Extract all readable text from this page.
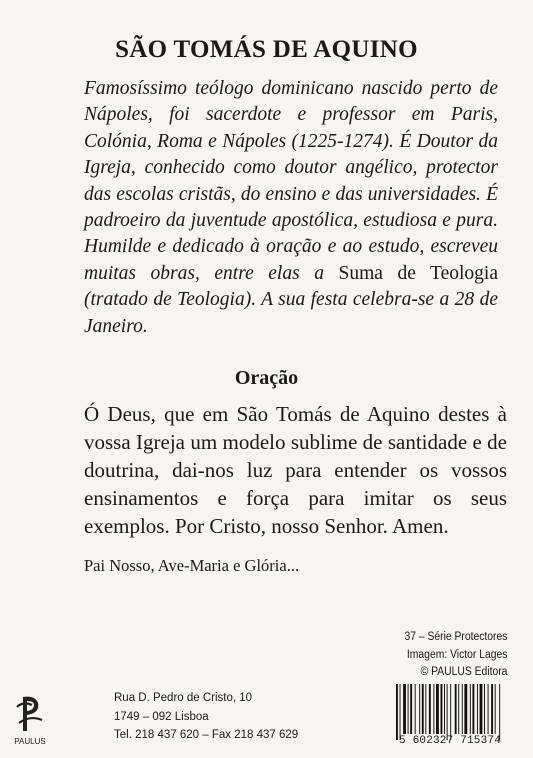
SÃO TOMÁS DE AQUINO
Famosíssimo teólogo dominicano nascido perto de Nápoles, foi sacerdote e professor em Paris, Colónia, Roma e Nápoles (1225-1274). É Doutor da Igreja, conhecido como doutor angélico, protector das escolas cristãs, do ensino e das universidades. É padroeiro da juventude apostólica, estudiosa e pura. Humilde e dedicado à oração e ao estudo, escreveu muitas obras, entre elas a Suma de Teologia (tratado de Teologia). A sua festa celebra-se a 28 de Janeiro.
Oração
Ó Deus, que em São Tomás de Aquino destes à vossa Igreja um modelo sublime de santidade e de doutrina, dai-nos luz para entender os vossos ensinamentos e força para imitar os seus exemplos. Por Cristo, nosso Senhor. Amen.
Pai Nosso, Ave-Maria e Glória...
37 – Série Protectores
Imagem: Victor Lages
© PAULUS Editora
PAULUS
Rua D. Pedro de Cristo, 10
1749 – 092 Lisboa
Tel. 218 437 620 – Fax 218 437 629	5 602327 715374
